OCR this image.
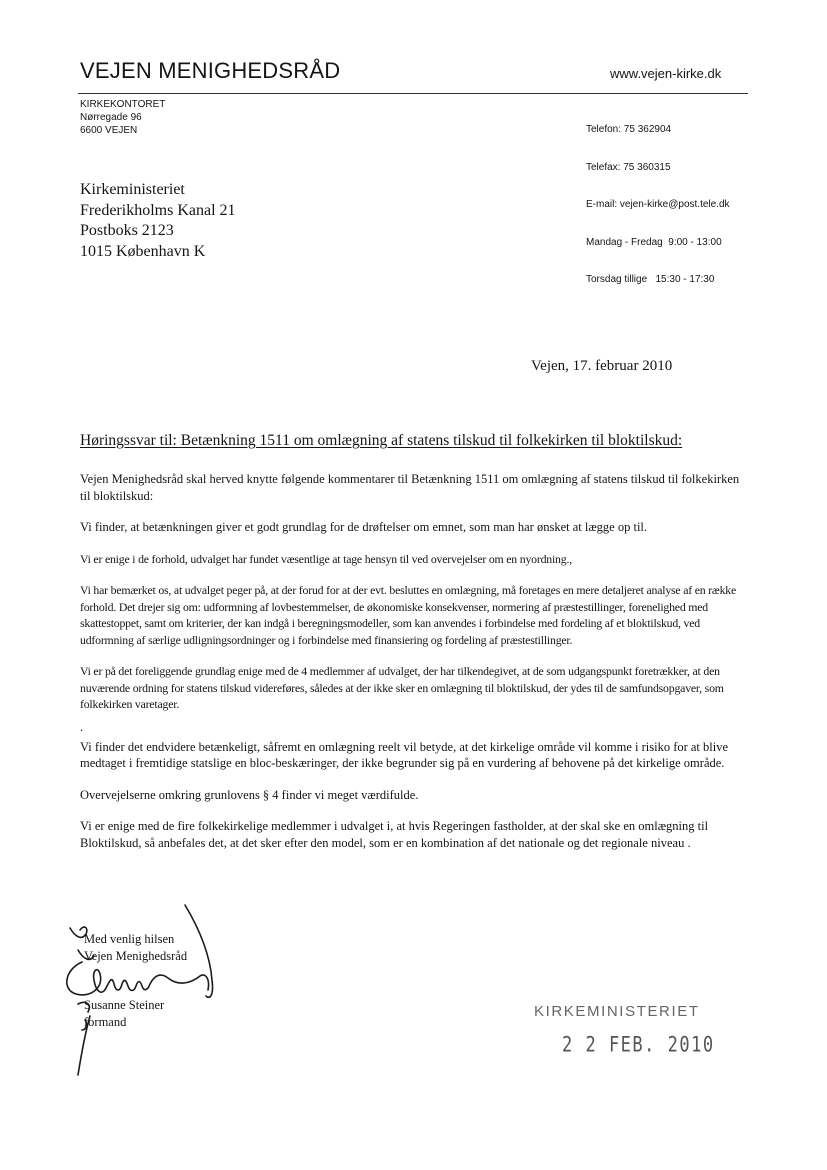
VEJEN MENIGHEDSRÅD	www.vejen-kirke.dk
KIRKEKONTORET
Nørregade 96
6600 VEJEN

	Telefon: 75 362904

Telefax: 75 360315

E-mail: vejen-kirke@post.tele.dk

Mandag - Fredag  9:00 - 13:00

Torsdag tillige   15:30 - 17:30

Kirkeministeriet
Frederikholms Kanal 21
Postboks 2123
1015 København K
Vejen, 17. februar 2010
Høringssvar til: Betænkning 1511 om omlægning af statens tilskud til folkekirken til bloktilskud:

Vejen Menighedsråd skal herved knytte følgende kommentarer til Betænkning 1511 om omlægning af statens tilskud til folkekirken til bloktilskud:

Vi finder, at betænkningen giver et godt grundlag for de drøftelser om emnet, som man har ønsket at lægge op til.

Vi er enige i de forhold, udvalget har fundet væsentlige at tage hensyn til ved overvejelser om en nyordning.,

Vi har bemærket os, at udvalget peger på, at der forud for at der evt. besluttes en omlægning, må foretages en mere detaljeret analyse af en række forhold. Det drejer sig om: udformning af lovbestemmelser, de økonomiske konsekvenser, normering af præstestillinger, forenelighed med skattestoppet, samt om kriterier, der kan indgå i beregningsmodeller, som kan anvendes i forbindelse med fordeling af et bloktilskud, ved udformning af særlige udligningsordninger og i forbindelse med finansiering og fordeling af præstestillinger.

Vi er på det foreliggende grundlag enige med de 4 medlemmer af udvalget, der har tilkendegivet, at de som udgangspunkt foretrækker, at den nuværende ordning for statens tilskud videreføres, således at der ikke sker en omlægning til bloktilskud, der ydes til de samfundsopgaver, som folkekirken varetager.

.

Vi finder det endvidere betænkeligt, såfremt en omlægning reelt vil betyde, at det kirkelige område vil komme i risiko for at blive medtaget i fremtidige statslige en bloc-beskæringer, der ikke begrunder sig på en vurdering af behovene på det kirkelige område.

Overvejelserne omkring grunlovens § 4 finder vi meget værdifulde.

Vi er enige med de fire folkekirkelige medlemmer i udvalget i, at hvis Regeringen fastholder, at der skal ske en omlægning til Bloktilskud, så anbefales det, at det sker efter den model, som er en kombination af det nationale og det regionale niveau .

Med venlig hilsen
Vejen Menighedsråd
Susanne Steiner
formand
KIRKEMINISTERIET
2 2 FEB. 2010
